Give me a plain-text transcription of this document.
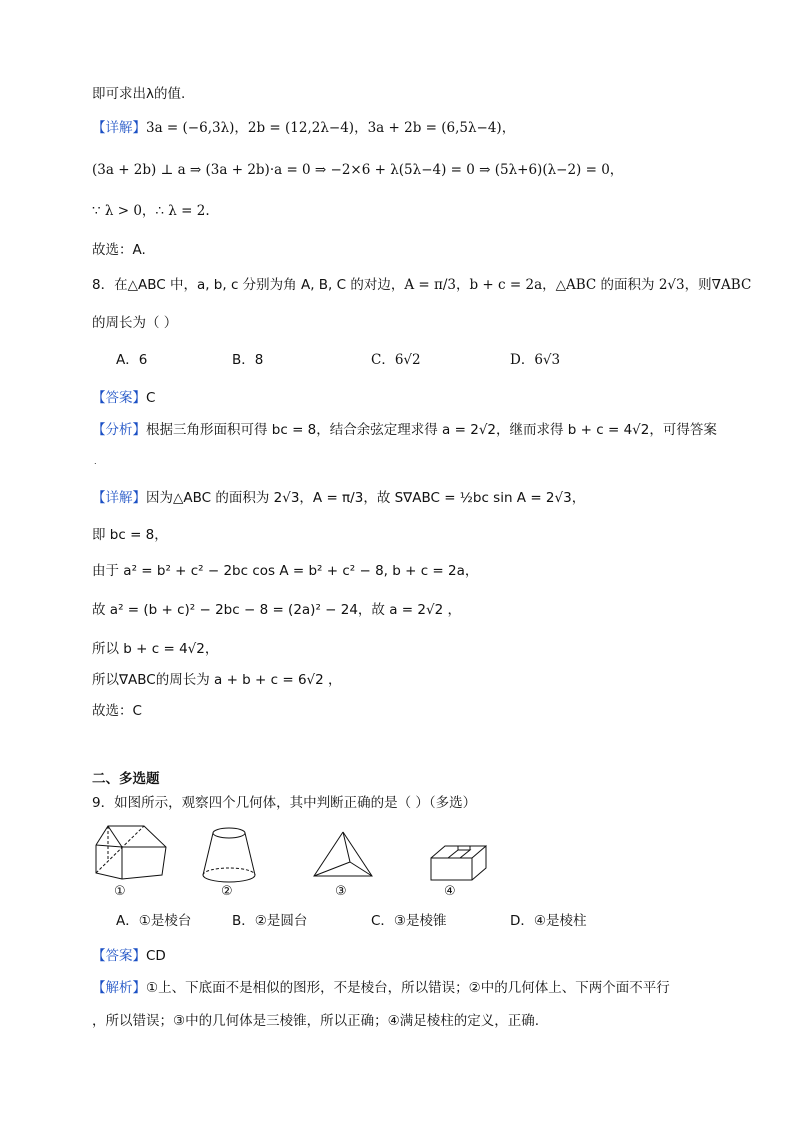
即可求出λ的值.
【详解】3a = (−6,3λ)，2b = (12,2λ−4)，3a + 2b = (6,5λ−4)，
(3a + 2b) ⊥ a ⇒ (3a + 2b)·a = 0 ⇒ −2×6 + λ(5λ−4) = 0 ⇒ (5λ+6)(λ−2) = 0，
∵ λ > 0，∴ λ = 2.
故选：A.
8．在△ABC 中，a, b, c 分别为角 A, B, C 的对边，A = π/3，b + c = 2a，△ABC 的面积为 2√3，则∇ABC
的周长为（ ）
A．6	B．8	C．6√2	D．6√3
【答案】C
【分析】根据三角形面积可得 bc = 8，结合余弦定理求得 a = 2√2，继而求得 b + c = 4√2，可得答案
.
【详解】因为△ABC 的面积为 2√3，A = π/3，故 S∇ABC = ½bc sin A = 2√3，
即 bc = 8，
由于 a² = b² + c² − 2bc cos A = b² + c² − 8, b + c = 2a，
故 a² = (b + c)² − 2bc − 8 = (2a)² − 24，故 a = 2√2 ，
所以 b + c = 4√2，
所以∇ABC的周长为 a + b + c = 6√2 ，
故选：C
二、多选题
9．如图所示，观察四个几何体，其中判断正确的是（ ）（多选）
①	②	③	④
A．①是棱台	B．②是圆台	C．③是棱锥	D．④是棱柱
【答案】CD
【解析】①上、下底面不是相似的图形，不是棱台，所以错误；②中的几何体上、下两个面不平行
，所以错误；③中的几何体是三棱锥，所以正确；④满足棱柱的定义，正确.
